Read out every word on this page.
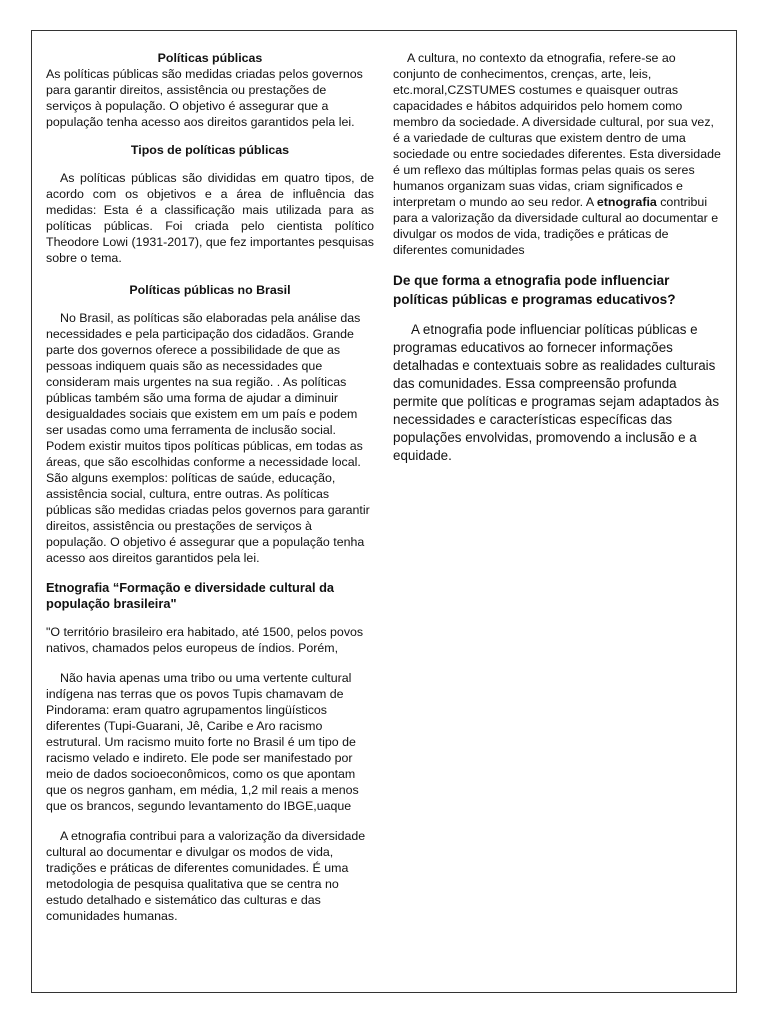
Políticas públicas

As políticas públicas são medidas criadas pelos governos para garantir direitos, assistência ou prestações de serviços à população. O objetivo é assegurar que a população tenha acesso aos direitos garantidos pela lei.

Tipos de políticas públicas

As políticas públicas são divididas em quatro tipos, de acordo com os objetivos e a área de influência das medidas: Esta é a classificação mais utilizada para as políticas públicas. Foi criada pelo cientista político Theodore Lowi (1931-2017), que fez importantes pesquisas sobre o tema.

Políticas públicas no Brasil

No Brasil, as políticas são elaboradas pela análise das necessidades e pela participação dos cidadãos. Grande parte dos governos oferece a possibilidade de que as pessoas indiquem quais são as necessidades que consideram mais urgentes na sua região. . As políticas públicas também são uma forma de ajudar a diminuir desigualdades sociais que existem em um país e podem ser usadas como uma ferramenta de inclusão social. Podem existir muitos tipos políticas públicas, em todas as áreas, que são escolhidas conforme a necessidade local. São alguns exemplos: políticas de saúde, educação, assistência social, cultura, entre outras. As políticas públicas são medidas criadas pelos governos para garantir direitos, assistência ou prestações de serviços à população. O objetivo é assegurar que a população tenha acesso aos direitos garantidos pela lei.

Etnografia “Formação e diversidade cultural da população brasileira"

"O território brasileiro era habitado, até 1500, pelos povos nativos, chamados pelos europeus de índios. Porém,

Não havia apenas uma tribo ou uma vertente cultural indígena nas terras que os povos Tupis chamavam de Pindorama: eram quatro agrupamentos lingüísticos diferentes (Tupi-Guarani, Jê, Caribe e Aro racismo estrutural. Um racismo muito forte no Brasil é um tipo de racismo velado e indireto. Ele pode ser manifestado por meio de dados socioeconômicos, como os que apontam que os negros ganham, em média, 1,2 mil reais a menos que os brancos, segundo levantamento do IBGE,uaque

A etnografia contribui para a valorização da diversidade cultural ao documentar e divulgar os modos de vida, tradições e práticas de diferentes comunidades. É uma metodologia de pesquisa qualitativa que se centra no estudo detalhado e sistemático das culturas e das comunidades humanas.

A cultura, no contexto da etnografia, refere-se ao conjunto de conhecimentos, crenças, arte, leis, etc.moral,CZSTUMES costumes e quaisquer outras capacidades e hábitos adquiridos pelo homem como membro da sociedade. A diversidade cultural, por sua vez, é a variedade de culturas que existem dentro de uma sociedade ou entre sociedades diferentes. Esta diversidade é um reflexo das múltiplas formas pelas quais os seres humanos organizam suas vidas, criam significados e interpretam o mundo ao seu redor. A etnografia contribui para a valorização da diversidade cultural ao documentar e divulgar os modos de vida, tradições e práticas de diferentes comunidades

De que forma a etnografia pode influenciar políticas públicas e programas educativos?

A etnografia pode influenciar políticas públicas e programas educativos ao fornecer informações detalhadas e contextuais sobre as realidades culturais das comunidades. Essa compreensão profunda permite que políticas e programas sejam adaptados às necessidades e características específicas das populações envolvidas, promovendo a inclusão e a equidade.
